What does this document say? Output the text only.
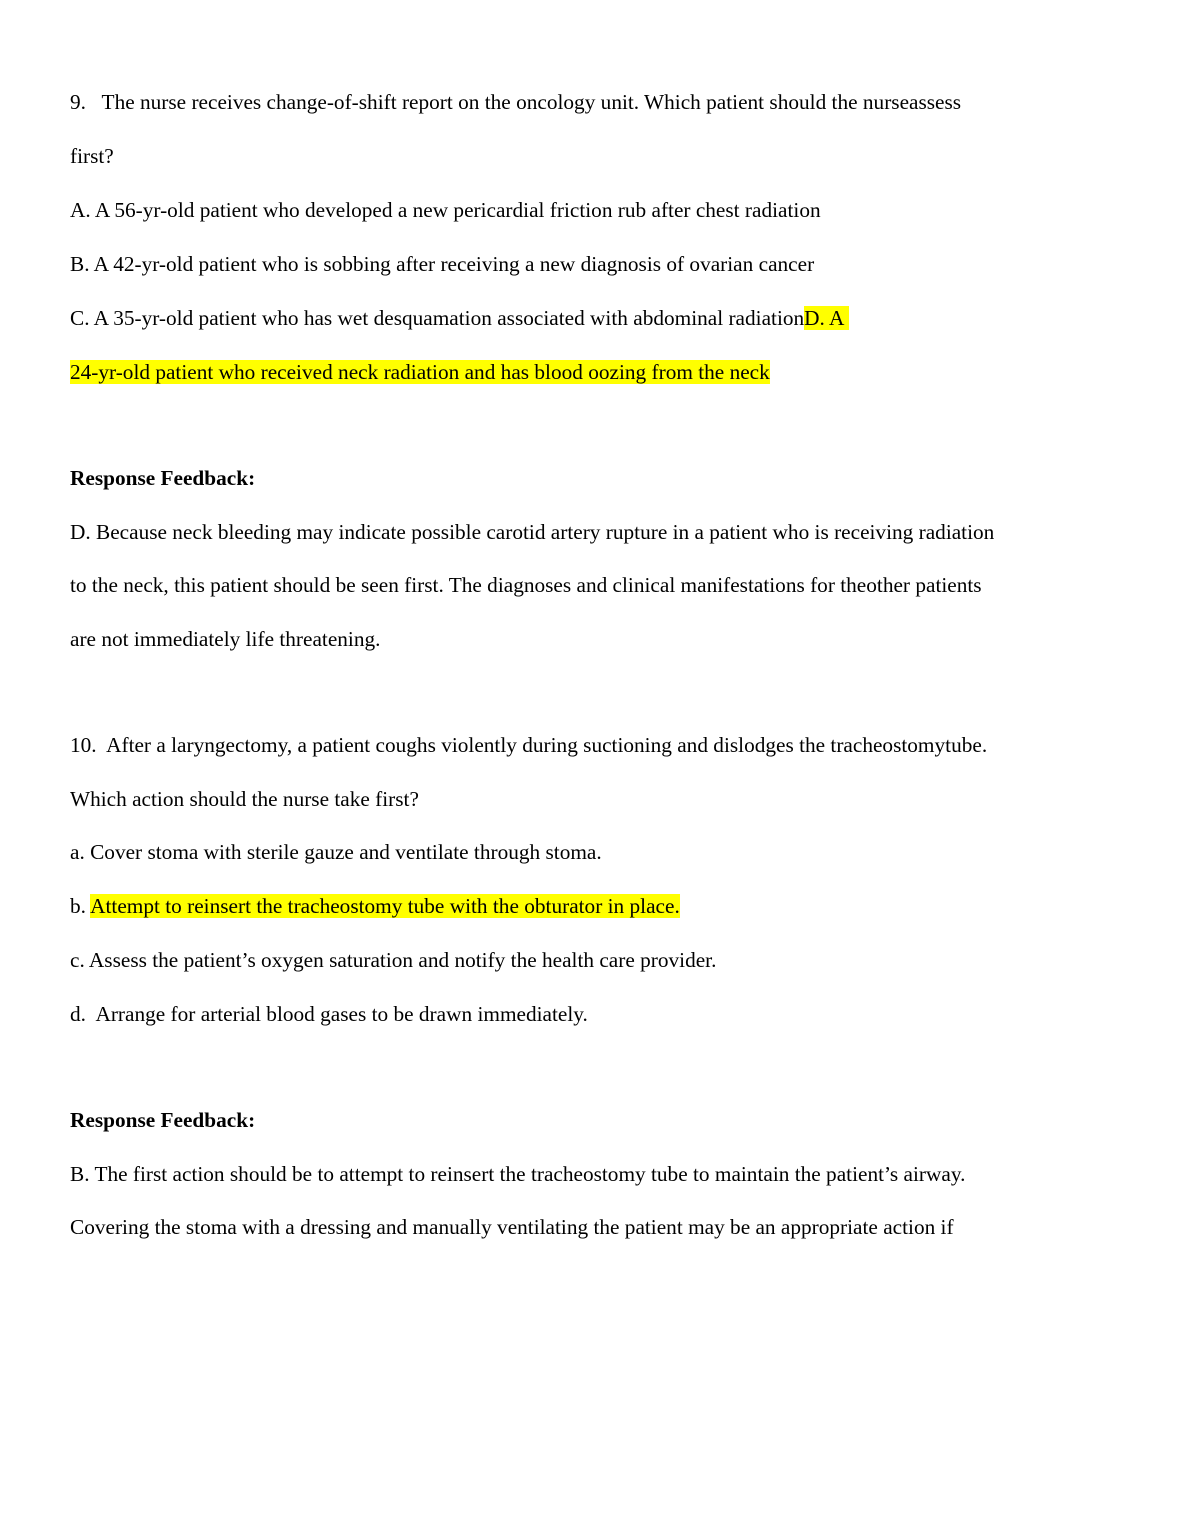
9.   The nurse receives change-of-shift report on the oncology unit. Which patient should the nurseassess
first?
A. A 56-yr-old patient who developed a new pericardial friction rub after chest radiation
B. A 42-yr-old patient who is sobbing after receiving a new diagnosis of ovarian cancer
C. A 35-yr-old patient who has wet desquamation associated with abdominal radiationD. A
24-yr-old patient who received neck radiation and has blood oozing from the neck
Response Feedback:
D. Because neck bleeding may indicate possible carotid artery rupture in a patient who is receiving radiation
to the neck, this patient should be seen first. The diagnoses and clinical manifestations for theother patients
are not immediately life threatening.
10.  After a laryngectomy, a patient coughs violently during suctioning and dislodges the tracheostomytube.
Which action should the nurse take first?
a. Cover stoma with sterile gauze and ventilate through stoma.
b. Attempt to reinsert the tracheostomy tube with the obturator in place.
c. Assess the patient’s oxygen saturation and notify the health care provider.
d.  Arrange for arterial blood gases to be drawn immediately.
Response Feedback:
B. The first action should be to attempt to reinsert the tracheostomy tube to maintain the patient’s airway.
Covering the stoma with a dressing and manually ventilating the patient may be an appropriate action if
